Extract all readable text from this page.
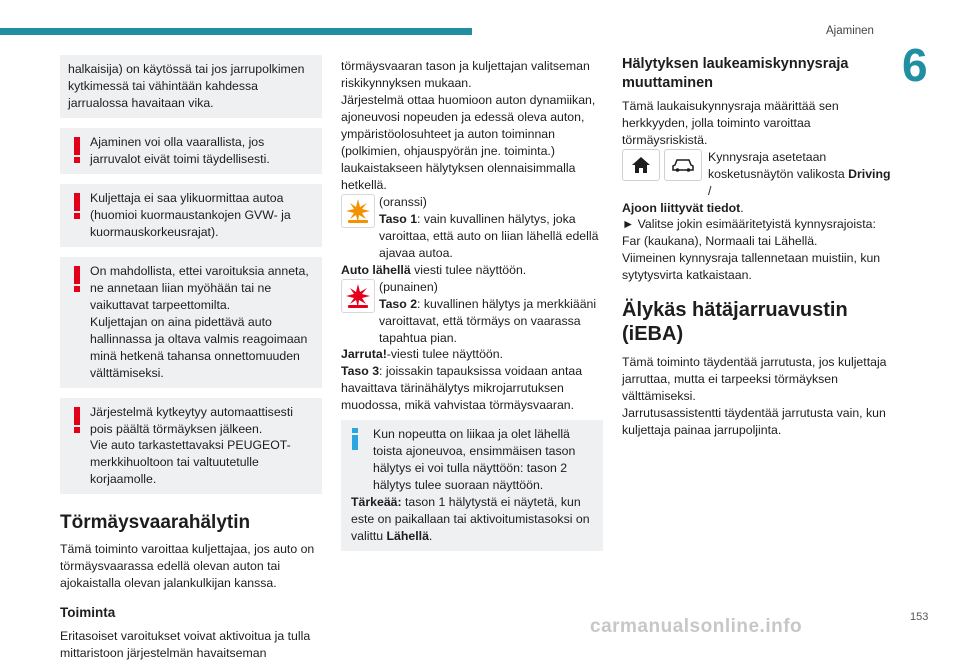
Ajaminen
6

halkaisija) on käytössä tai jos jarrupolkimen kytkimessä tai vähintään kahdessa jarrualossa havaitaan vika.

Ajaminen voi olla vaarallista, jos jarruvalot eivät toimi täydellisesti.

Kuljettaja ei saa ylikuormittaa autoa (huomioi kuormaustankojen GVW- ja kuormauskorkeusrajat).

On mahdollista, ettei varoituksia anneta, ne annetaan liian myöhään tai ne vaikuttavat tarpeettomilta.

Kuljettajan on aina pidettävä auto hallinnassa ja oltava valmis reagoimaan minä hetkenä tahansa onnettomuuden välttämiseksi.

Järjestelmä kytkeytyy automaattisesti pois päältä törmäyksen jälkeen.

Vie auto tarkastettavaksi PEUGEOT-merkkihuoltoon tai valtuutetulle korjaamolle.

Törmäysvaarahälytin

Tämä toiminto varoittaa kuljettajaa, jos auto on törmäysvaarassa edellä olevan auton tai ajokaistalla olevan jalankulkijan kanssa.

Toiminta

Eritasoiset varoitukset voivat aktivoitua ja tulla mittaristoon järjestelmän havaitseman

törmäysvaaran tason ja kuljettajan valitseman riskikynnyksen mukaan.

Järjestelmä ottaa huomioon auton dynamiikan, ajoneuvosi nopeuden ja edessä oleva auton, ympäristöolosuhteet ja auton toiminnan (polkimien, ohjauspyörän jne. toiminta.) laukaistakseen hälytyksen olennaisimmalla hetkellä.

(oranssi)

Taso 1: vain kuvallinen hälytys, joka varoittaa, että auto on liian lähellä edellä ajavaa autoa.

Auto lähellä viesti tulee näyttöön.

(punainen)

Taso 2: kuvallinen hälytys ja merkkiääni varoittavat, että törmäys on vaarassa tapahtua pian.

Jarruta!-viesti tulee näyttöön.

Taso 3: joissakin tapauksissa voidaan antaa havaittava tärinähälytys mikrojarrutuksen muodossa, mikä vahvistaa törmäysvaaran.

Kun nopeutta on liikaa ja olet lähellä toista ajoneuvoa, ensimmäisen tason hälytys ei voi tulla näyttöön: tason 2 hälytys tulee suoraan näyttöön.

Tärkeää: tason 1 hälytystä ei näytetä, kun este on paikallaan tai aktivoitumistasoksi on valittu Lähellä.

Hälytyksen laukeamiskynnysraja muuttaminen

Tämä laukaisukynnysraja määrittää sen herkkyyden, jolla toiminto varoittaa törmäysriskistä.

Kynnysraja asetetaan kosketusnäytön valikosta Driving /

Ajoon liittyvät tiedot.

► Valitse jokin esimääritetyistä kynnysrajoista: Far (kaukana), Normaali tai Lähellä.

Viimeinen kynnysraja tallennetaan muistiin, kun sytytysvirta katkaistaan.

Älykäs hätäjarruavustin (iEBA)

Tämä toiminto täydentää jarrutusta, jos kuljettaja jarruttaa, mutta ei tarpeeksi törmäyksen välttämiseksi.

Jarrutusassistentti täydentää jarrutusta vain, kun kuljettaja painaa jarrupoljinta.

carmanualsonline.info	153
